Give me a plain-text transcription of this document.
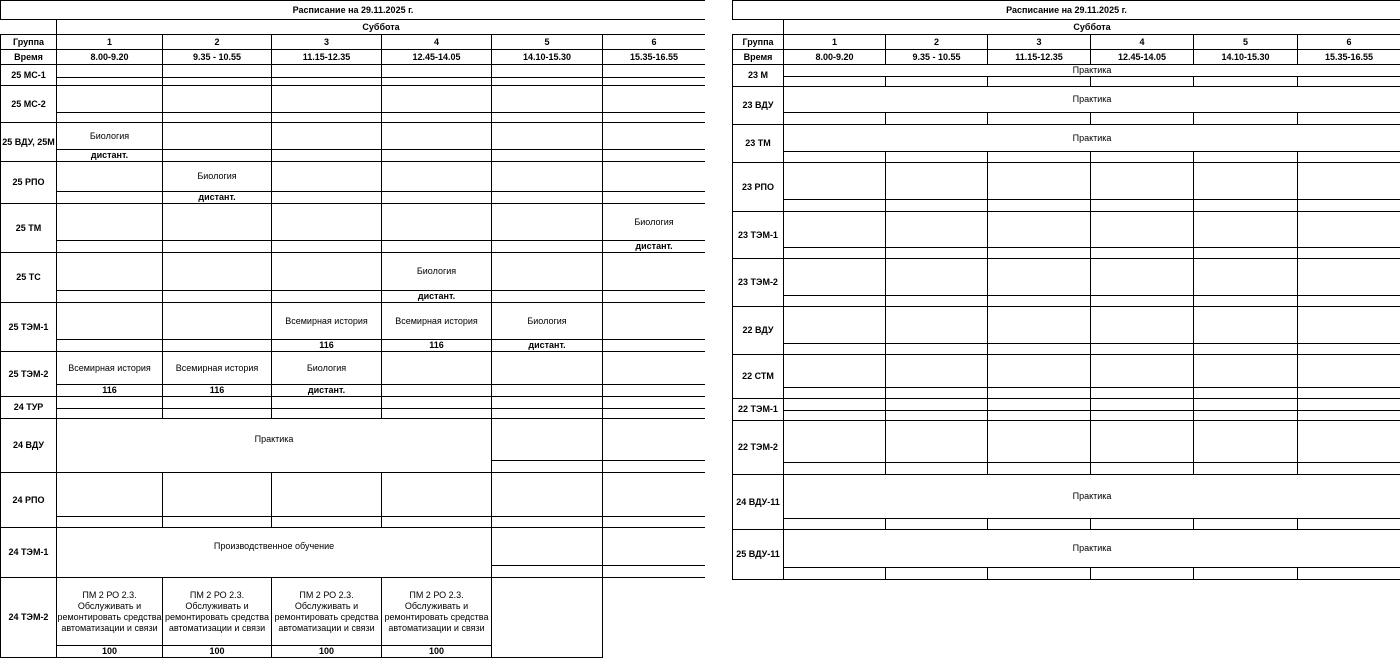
Расписание на 29.11.2025 г.						
	Суббота					
Группа	1	2	3	4	5	6
Время	8.00-9.20	9.35 - 10.55	11.15-12.35	12.45-14.05	14.10-15.30	15.35-16.55
25 МС-1						

25 МС-2						

25 ВДУ, 25М	Биология					
	дистант.					
25 РПО		Биология				
		дистант.				
25 ТМ						Биология
						дистант.
25 ТС				Биология		
				дистант.		
25 ТЭМ-1			Всемирная история	Всемирная история	Биология	
			116	116	дистант.	
25 ТЭМ-2	Всемирная история	Всемирная история	Биология			
	116	116	дистант.			
24 ТУР						

24 ВДУ	Практика					

24 РПО						

24 ТЭМ-1	Производственное обучение					

24 ТЭМ-2	ПМ 2 РО 2.3. Обслуживать и ремонтировать средства автоматизации и связи	ПМ 2 РО 2.3. Обслуживать и ремонтировать средства автоматизации и связи	ПМ 2 РО 2.3. Обслуживать и ремонтировать средства автоматизации и связи	ПМ 2 РО 2.3. Обслуживать и ремонтировать средства автоматизации и связи		
	100	100	100	100		
Расписание на 29.11.2025 г.						
	Суббота					
Группа	1	2	3	4	5	6
Время	8.00-9.20	9.35 - 10.55	11.15-12.35	12.45-14.05	14.10-15.30	15.35-16.55
23 М	Практика					

23 ВДУ	Практика					

23 ТМ	Практика					

23 РПО						

23 ТЭМ-1						

23 ТЭМ-2						

22 ВДУ						

22 СТМ						

22 ТЭМ-1						

22 ТЭМ-2						

24 ВДУ-11	Практика					

25 ВДУ-11	Практика					
